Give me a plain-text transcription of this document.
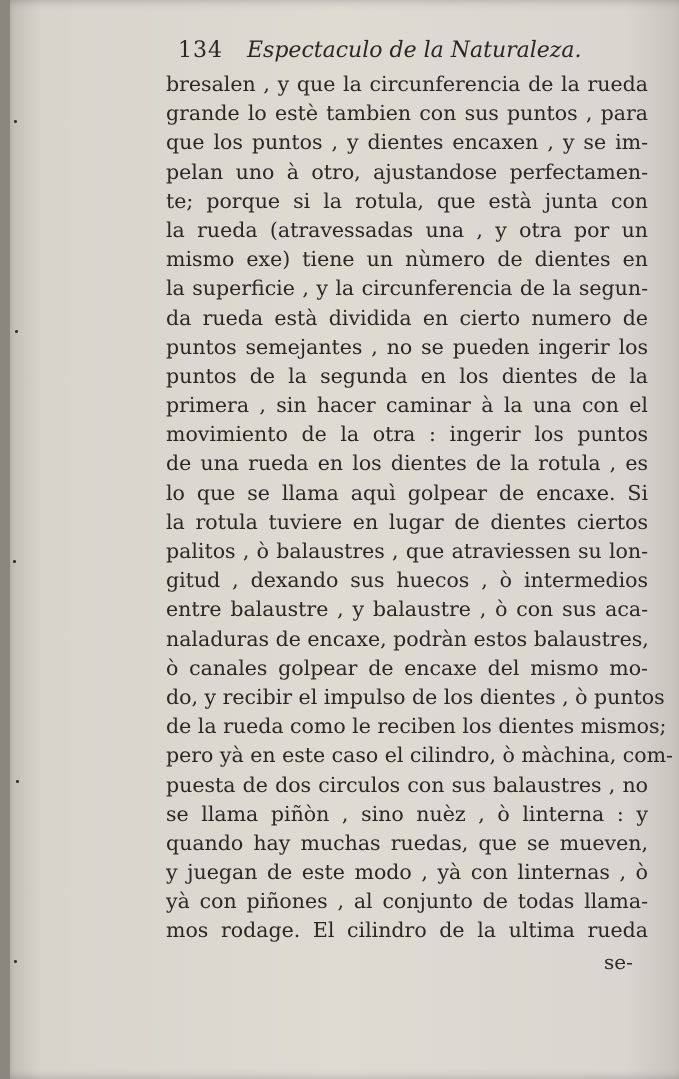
134 Espectaculo de la Naturaleza.
bresalen , y que la circunferencia de la rueda
grande lo estè tambien con sus puntos , para
que los puntos , y dientes encaxen , y se im-
pelan uno à otro, ajustandose perfectamen-
te; porque si la rotula, que està junta con
la rueda (atravessadas una , y otra por un
mismo exe) tiene un nùmero de dientes en
la superficie , y la circunferencia de la segun-
da rueda està dividida en cierto numero de
puntos semejantes , no se pueden ingerir los
puntos de la segunda en los dientes de la
primera , sin hacer caminar à la una con el
movimiento de la otra : ingerir los puntos
de una rueda en los dientes de la rotula , es
lo que se llama aquì golpear de encaxe. Si
la rotula tuviere en lugar de dientes ciertos
palitos , ò balaustres , que atraviessen su lon-
gitud , dexando sus huecos , ò intermedios
entre balaustre , y balaustre , ò con sus aca-
naladuras de encaxe, podràn estos balaustres,
ò canales golpear de encaxe del mismo mo-
do, y recibir el impulso de los dientes , ò puntos
de la rueda como le reciben los dientes mismos;
pero yà en este caso el cilindro, ò màchina, com-
puesta de dos circulos con sus balaustres , no
se llama piñòn , sino nuèz , ò linterna : y
quando hay muchas ruedas, que se mueven,
y juegan de este modo , yà con linternas , ò
yà con piñones , al conjunto de todas llama-
mos rodage. El cilindro de la ultima rueda
se-
